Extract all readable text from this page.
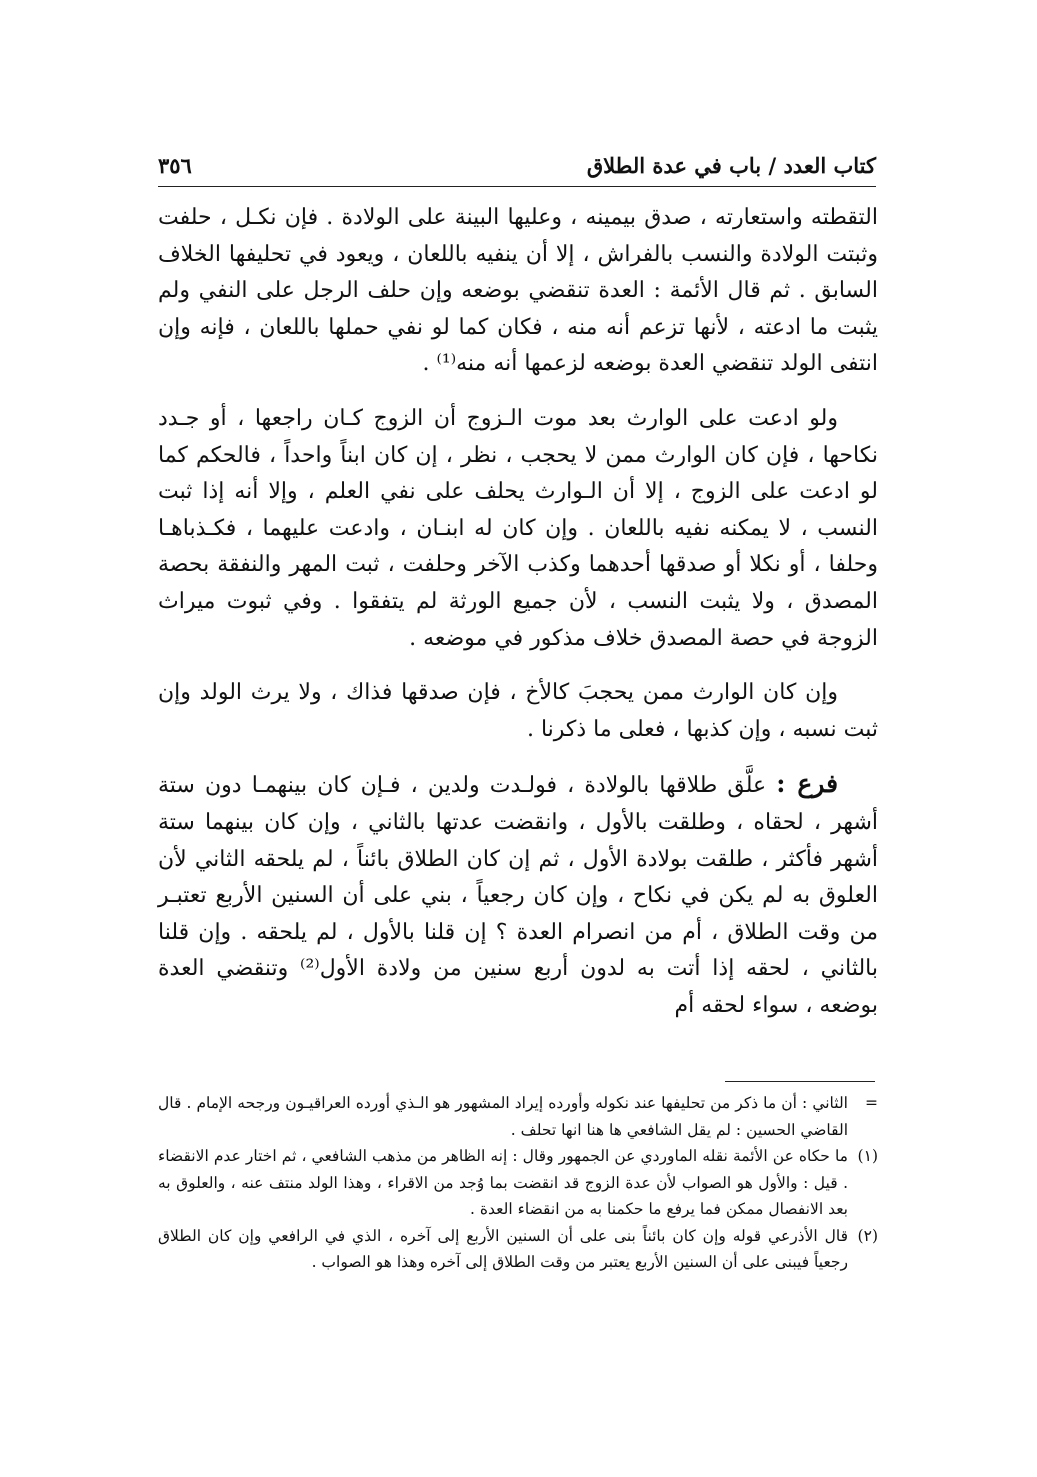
كتاب العدد / باب في عدة الطلاق
٣٥٦

التقطته واستعارته ، صدق بيمينه ، وعليها البينة على الولادة . فإن نكـل ، حلفت وثبتت الولادة والنسب بالفراش ، إلا أن ينفيه باللعان ، ويعود في تحليفها الخلاف السابق . ثم قال الأئمة : العدة تنقضي بوضعه وإن حلف الرجل على النفي ولم يثبت ما ادعته ، لأنها تزعم أنه منه ، فكان كما لو نفي حملها باللعان ، فإنه وإن انتفى الولد تنقضي العدة بوضعه لزعمها أنه منه⁽¹⁾ .

ولو ادعت على الوارث بعد موت الـزوج أن الزوج كـان راجعها ، أو جـدد نكاحها ، فإن كان الوارث ممن لا يحجب ، نظر ، إن كان ابناً واحداً ، فالحكم كما لو ادعت على الزوج ، إلا أن الـوارث يحلف على نفي العلم ، وإلا أنه إذا ثبت النسب ، لا يمكنه نفيه باللعان . وإن كان له ابنـان ، وادعت عليهما ، فكـذباهـا وحلفا ، أو نكلا أو صدقها أحدهما وكذب الآخر وحلفت ، ثبت المهر والنفقة بحصة المصدق ، ولا يثبت النسب ، لأن جميع الورثة لم يتفقوا . وفي ثبوت ميراث الزوجة في حصة المصدق خلاف مذكور في موضعه .

وإن كان الوارث ممن يحجبَ كالأخ ، فإن صدقها فذاك ، ولا يرث الولد وإن ثبت نسبه ، وإن كذبها ، فعلى ما ذكرنا .

فرع : علَّق طلاقها بالولادة ، فولـدت ولدين ، فـإن كان بينهمـا دون ستة أشهر ، لحقاه ، وطلقت بالأول ، وانقضت عدتها بالثاني ، وإن كان بينهما ستة أشهر فأكثر ، طلقت بولادة الأول ، ثم إن كان الطلاق بائناً ، لم يلحقه الثاني لأن العلوق به لم يكن في نكاح ، وإن كان رجعياً ، بني على أن السنين الأربع تعتبـر من وقت الطلاق ، أم من انصرام العدة ؟ إن قلنا بالأول ، لم يلحقه . وإن قلنا بالثاني ، لحقه إذا أتت به لدون أربع سنين من ولادة الأول⁽²⁾ وتنقضي العدة بوضعه ، سواء لحقه أم

=
الثاني : أن ما ذكر من تحليفها عند نكوله وأورده إيراد المشهور هو الـذي أورده العراقيـون ورجحه الإمام . قال القاضي الحسين : لم يقل الشافعي ها هنا انها تحلف .
(١)
ما حكاه عن الأئمة نقله الماوردي عن الجمهور وقال : إنه الظاهر من مذهب الشافعي ، ثم اختار عدم الانقضاء . قيل : والأول هو الصواب لأن عدة الزوج قد انقضت بما وُجد من الاقراء ، وهذا الولد منتف عنه ، والعلوق به بعد الانفصال ممكن فما يرفع ما حكمنا به من انقضاء العدة .
(٢)
قال الأذرعي قوله وإن كان بائناً بنى على أن السنين الأربع إلى آخره ، الذي في الرافعي وإن كان الطلاق رجعياً فيبنى على أن السنين الأربع يعتبر من وقت الطلاق إلى آخره وهذا هو الصواب .
